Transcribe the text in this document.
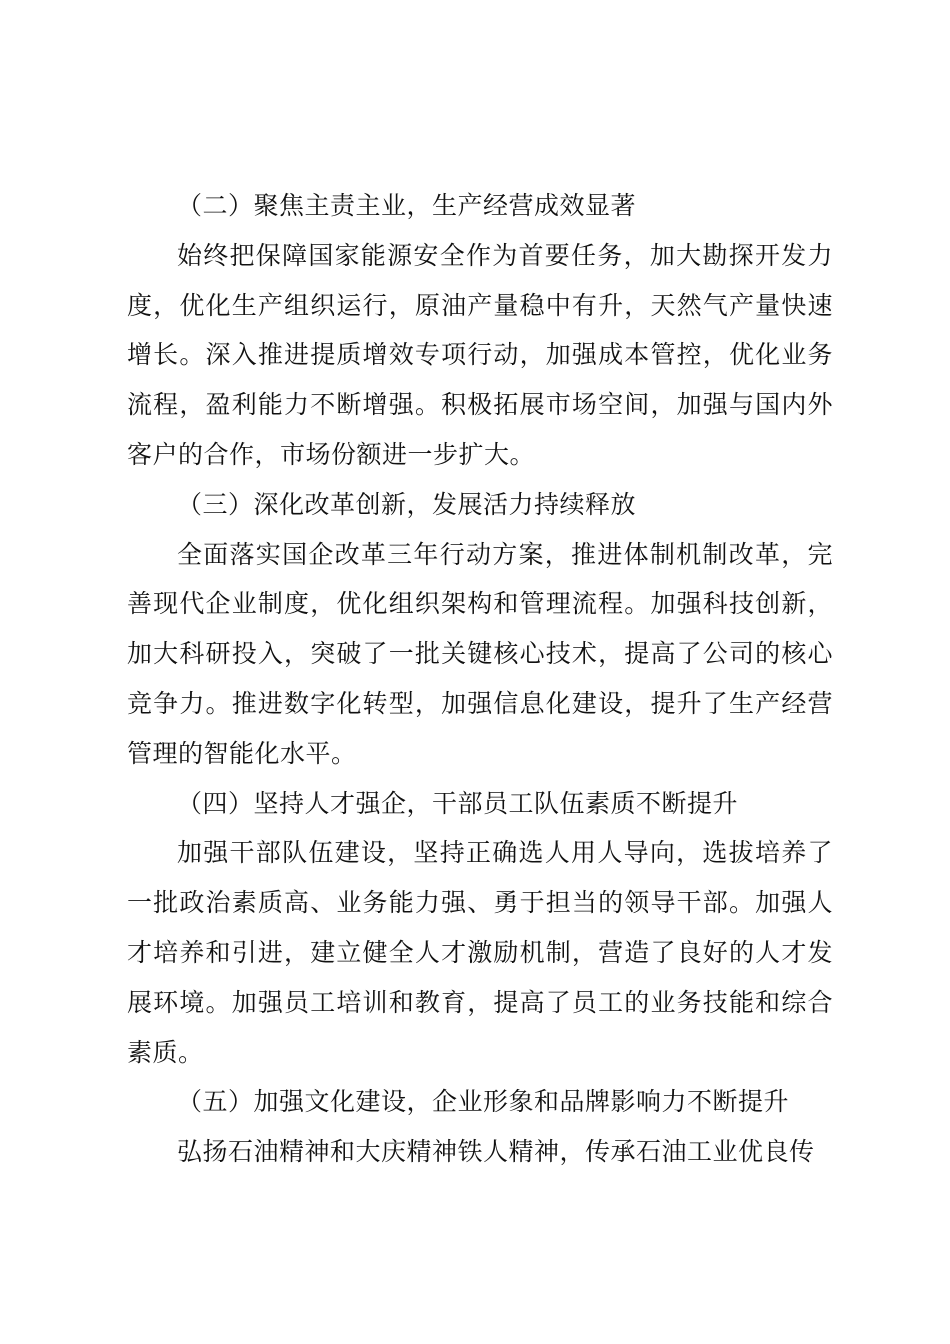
（二）聚焦主责主业，生产经营成效显著

始终把保障国家能源安全作为首要任务，加大勘探开发力度，优化生产组织运行，原油产量稳中有升，天然气产量快速增长。深入推进提质增效专项行动，加强成本管控，优化业务流程，盈利能力不断增强。积极拓展市场空间，加强与国内外客户的合作，市场份额进一步扩大。

（三）深化改革创新，发展活力持续释放

全面落实国企改革三年行动方案，推进体制机制改革，完善现代企业制度，优化组织架构和管理流程。加强科技创新，加大科研投入，突破了一批关键核心技术，提高了公司的核心竞争力。推进数字化转型，加强信息化建设，提升了生产经营管理的智能化水平。

（四）坚持人才强企，干部员工队伍素质不断提升

加强干部队伍建设，坚持正确选人用人导向，选拔培养了一批政治素质高、业务能力强、勇于担当的领导干部。加强人才培养和引进，建立健全人才激励机制，营造了良好的人才发展环境。加强员工培训和教育，提高了员工的业务技能和综合素质。

（五）加强文化建设，企业形象和品牌影响力不断提升

弘扬石油精神和大庆精神铁人精神，传承石油工业优良传
